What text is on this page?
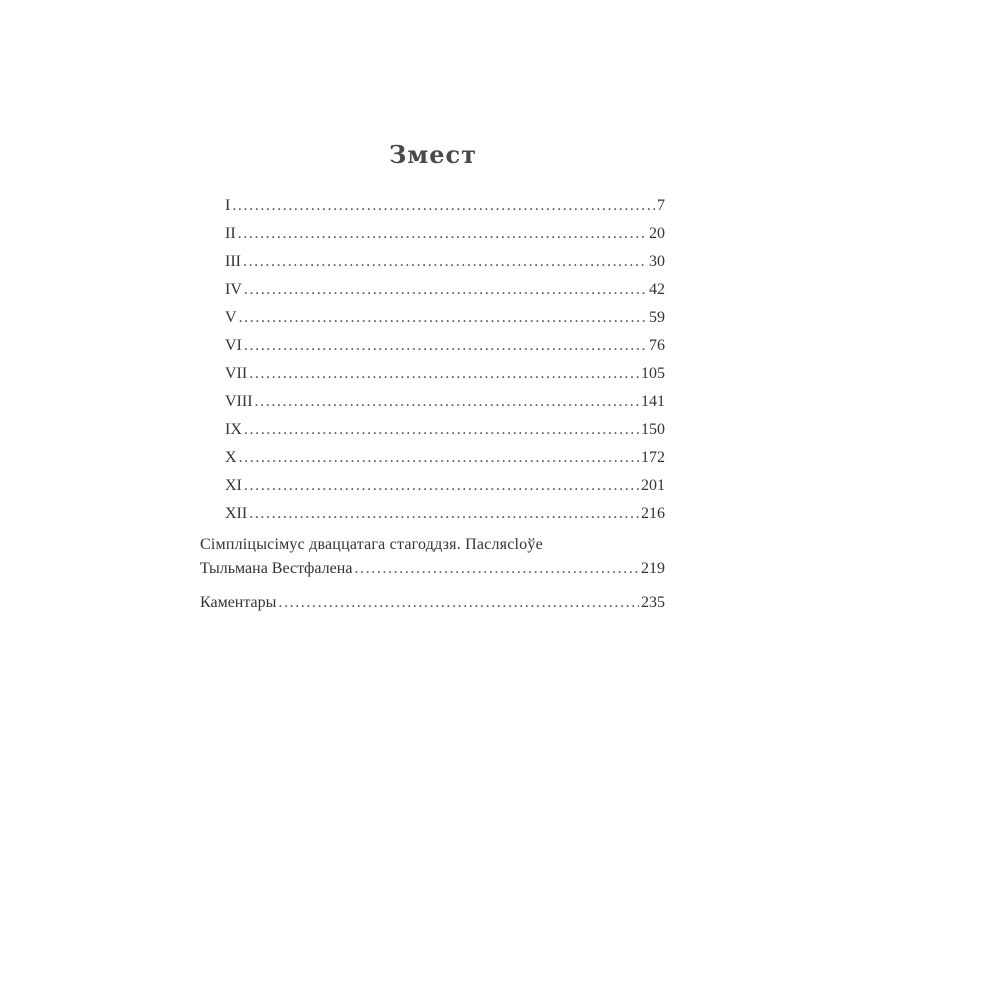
Змест
I .....	7
II .....	20
III .....	30
IV .....	42
V .....	59
VI .....	76
VII .....	105
VIII .....	141
IX .....	150
X .....	172
XI .....	201
XII .....	216
Сімпліцысімус дваццатага стагоддзя. Паслясloўе
Тыльмана Вестфалена .....	219
Каментары .....	235
